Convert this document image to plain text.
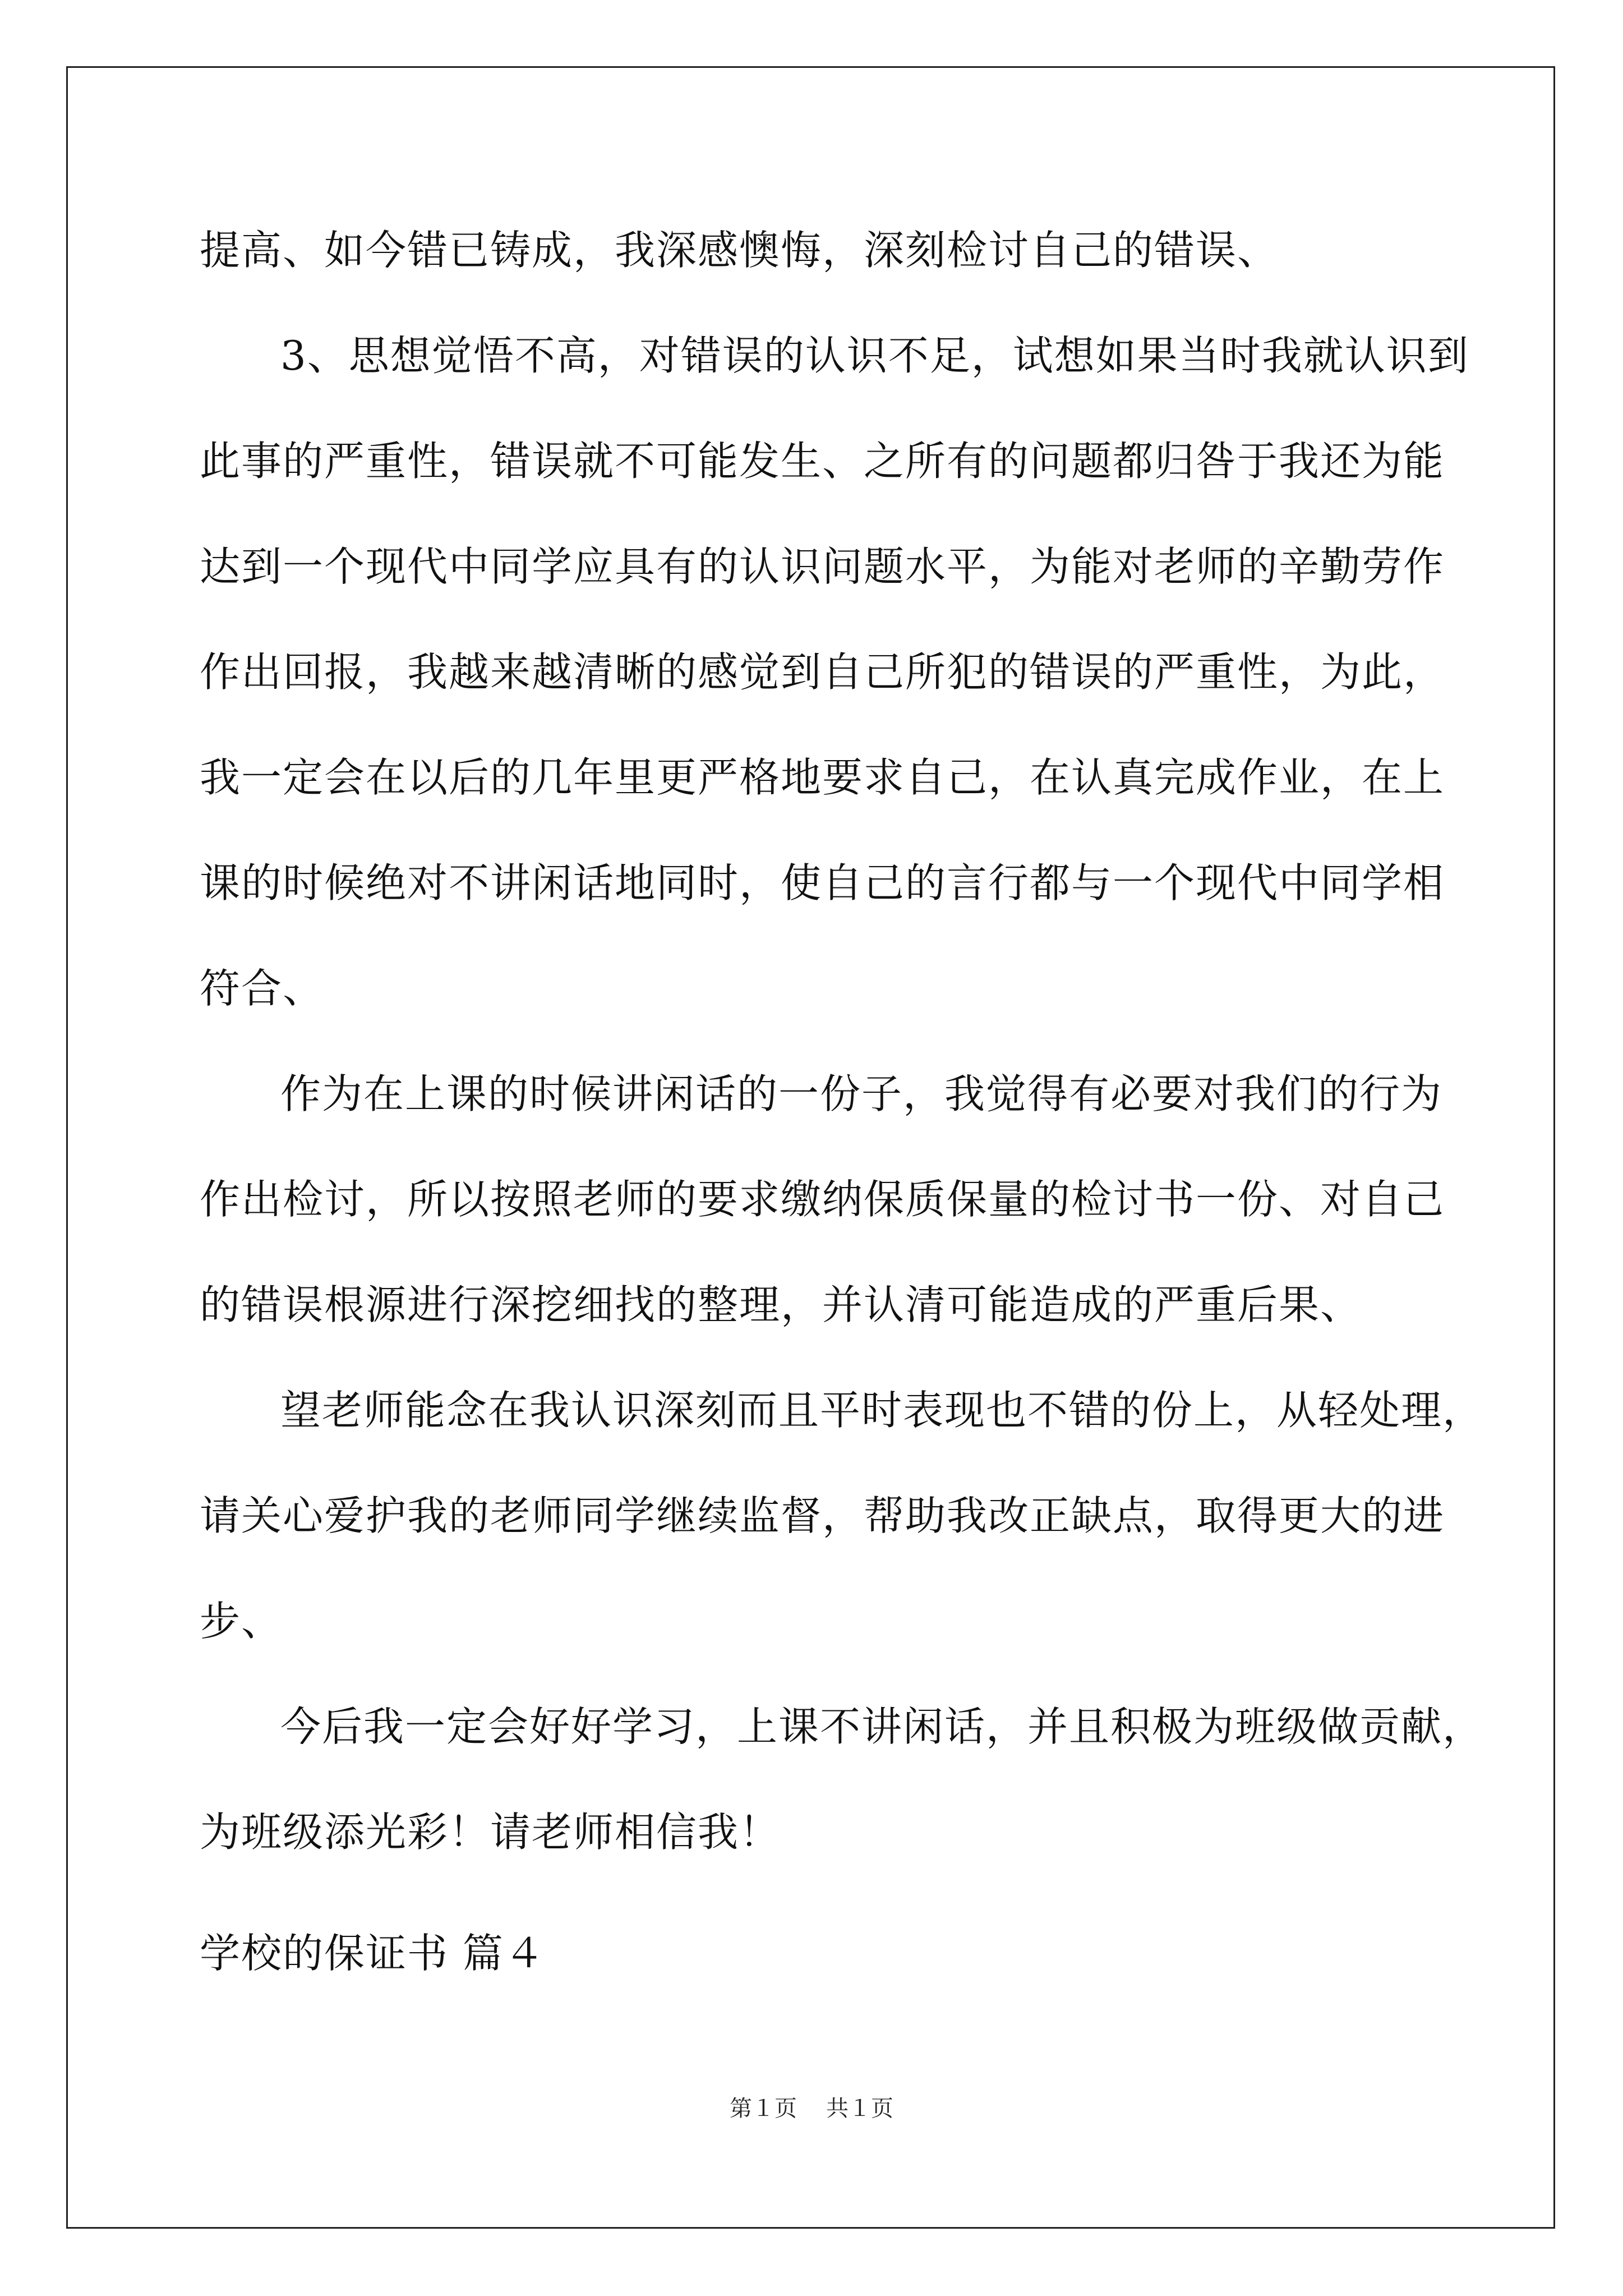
提高、如今错已铸成，我深感懊悔，深刻检讨自己的错误、
3、思想觉悟不高，对错误的认识不足，试想如果当时我就认识到
此事的严重性，错误就不可能发生、之所有的问题都归咎于我还为能
达到一个现代中同学应具有的认识问题水平，为能对老师的辛勤劳作
作出回报，我越来越清晰的感觉到自己所犯的错误的严重性，为此，
我一定会在以后的几年里更严格地要求自己，在认真完成作业，在上
课的时候绝对不讲闲话地同时，使自己的言行都与一个现代中同学相
符合、
作为在上课的时候讲闲话的一份子，我觉得有必要对我们的行为
作出检讨，所以按照老师的要求缴纳保质保量的检讨书一份、对自己
的错误根源进行深挖细找的整理，并认清可能造成的严重后果、
望老师能念在我认识深刻而且平时表现也不错的份上，从轻处理，
请关心爱护我的老师同学继续监督，帮助我改正缺点，取得更大的进
步、
今后我一定会好好学习，上课不讲闲话，并且积极为班级做贡献，
为班级添光彩！请老师相信我！
学校的保证书 篇４
第１页 共１页
